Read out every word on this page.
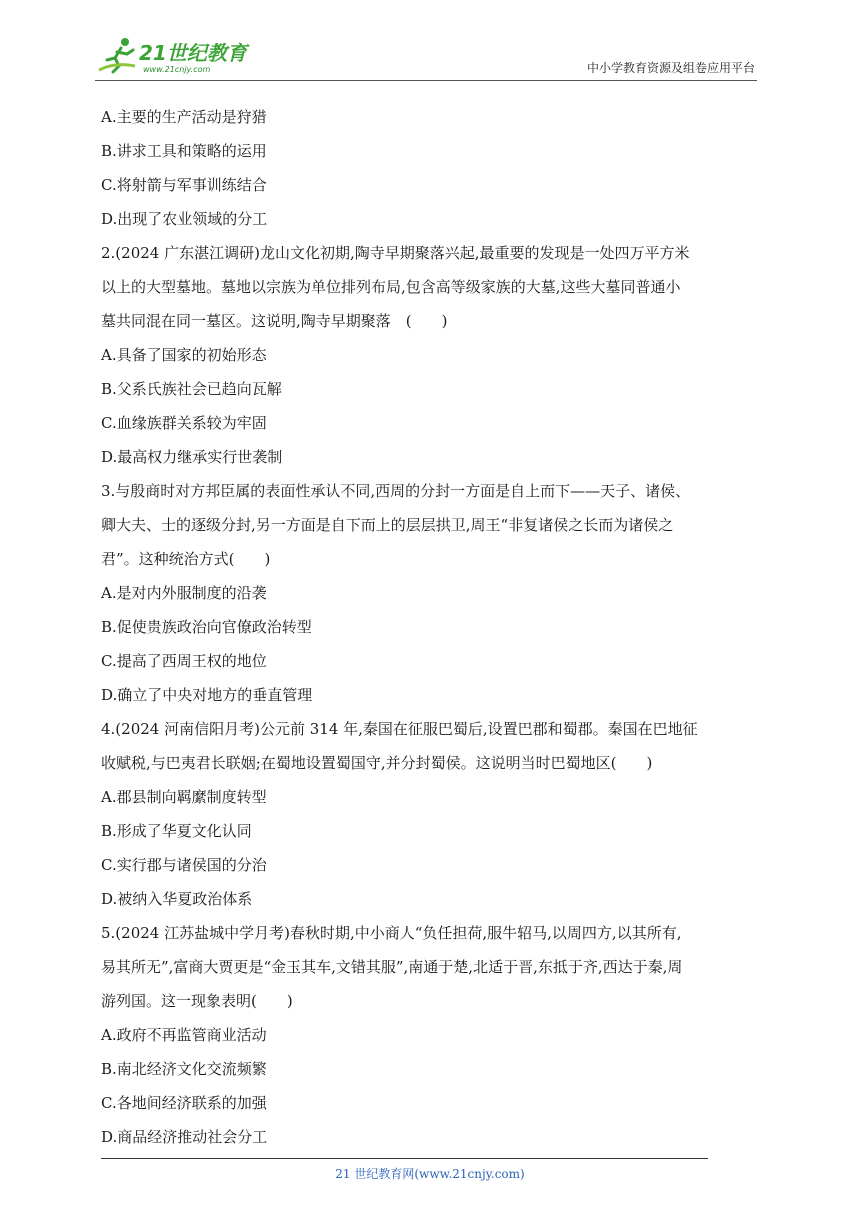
21世纪教育
www.21cnjy.com	中小学教育资源及组卷应用平台
A.主要的生产活动是狩猎
B.讲求工具和策略的运用
C.将射箭与军事训练结合
D.出现了农业领域的分工
2.(2024 广东湛江调研)龙山文化初期,陶寺早期聚落兴起,最重要的发现是一处四万平方米
以上的大型墓地。墓地以宗族为单位排列布局,包含高等级家族的大墓,这些大墓同普通小
墓共同混在同一墓区。这说明,陶寺早期聚落　(　　)
A.具备了国家的初始形态
B.父系氏族社会已趋向瓦解
C.血缘族群关系较为牢固
D.最高权力继承实行世袭制
3.与殷商时对方邦臣属的表面性承认不同,西周的分封一方面是自上而下——天子、诸侯、
卿大夫、士的逐级分封,另一方面是自下而上的层层拱卫,周王“非复诸侯之长而为诸侯之
君”。这种统治方式(　　)
A.是对内外服制度的沿袭
B.促使贵族政治向官僚政治转型
C.提高了西周王权的地位
D.确立了中央对地方的垂直管理
4.(2024 河南信阳月考)公元前 314 年,秦国在征服巴蜀后,设置巴郡和蜀郡。秦国在巴地征
收赋税,与巴夷君长联姻;在蜀地设置蜀国守,并分封蜀侯。这说明当时巴蜀地区(　　)
A.郡县制向羁縻制度转型
B.形成了华夏文化认同
C.实行郡与诸侯国的分治
D.被纳入华夏政治体系
5.(2024 江苏盐城中学月考)春秋时期,中小商人“负任担荷,服牛轺马,以周四方,以其所有,
易其所无”,富商大贾更是“金玉其车,文错其服”,南通于楚,北适于晋,东抵于齐,西达于秦,周
游列国。这一现象表明(　　)
A.政府不再监管商业活动
B.南北经济文化交流频繁
C.各地间经济联系的加强
D.商品经济推动社会分工
21 世纪教育网(www.21cnjy.com)
